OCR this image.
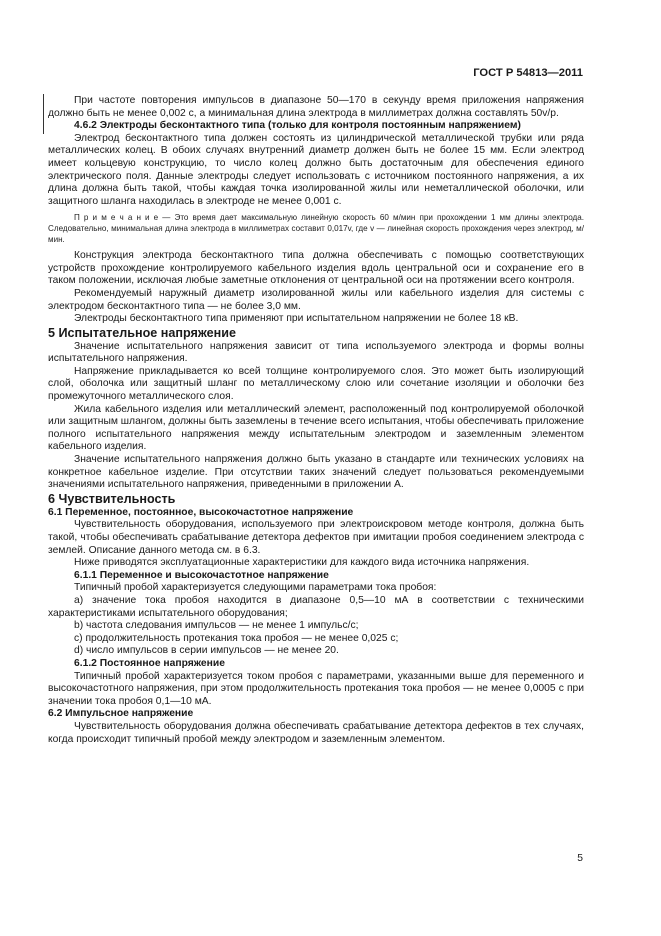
ГОСТ Р 54813—2011

При частоте повторения импульсов в диапазоне 50—170 в секунду время приложения напряжения должно быть не менее 0,002 с, а минимальная длина электрода в миллиметрах должна составлять 50v/p.

4.6.2 Электроды бесконтактного типа (только для контроля постоянным напряжением)

Электрод бесконтактного типа должен состоять из цилиндрической металлической трубки или ряда металлических колец. В обоих случаях внутренний диаметр должен быть не более 15 мм. Если электрод имеет кольцевую конструкцию, то число колец должно быть достаточным для обеспечения единого электрического поля. Данные электроды следует использовать с источником постоянного напряжения, а их длина должна быть такой, чтобы каждая точка изолированной жилы или неметаллической оболочки, или защитного шланга находилась в электроде не менее 0,001 с.

П р и м е ч а н и е — Это время дает максимальную линейную скорость 60 м/мин при прохождении 1 мм длины электрода. Следовательно, минимальная длина электрода в миллиметрах составит 0,017v, где v — линейная скорость прохождения через электрод, м/мин.

Конструкция электрода бесконтактного типа должна обеспечивать с помощью соответствующих устройств прохождение контролируемого кабельного изделия вдоль центральной оси и сохранение его в таком положении, исключая любые заметные отклонения от центральной оси на протяжении всего контроля.

Рекомендуемый наружный диаметр изолированной жилы или кабельного изделия для системы с электродом бесконтактного типа — не более 3,0 мм.

Электроды бесконтактного типа применяют при испытательном напряжении не более 18 кВ.

5 Испытательное напряжение

Значение испытательного напряжения зависит от типа используемого электрода и формы волны испытательного напряжения.

Напряжение прикладывается ко всей толщине контролируемого слоя. Это может быть изолирующий слой, оболочка или защитный шланг по металлическому слою или сочетание изоляции и оболочки без промежуточного металлического слоя.

Жила кабельного изделия или металлический элемент, расположенный под контролируемой оболочкой или защитным шлангом, должны быть заземлены в течение всего испытания, чтобы обеспечивать приложение полного испытательного напряжения между испытательным электродом и заземленным элементом кабельного изделия.

Значение испытательного напряжения должно быть указано в стандарте или технических условиях на конкретное кабельное изделие. При отсутствии таких значений следует пользоваться рекомендуемыми значениями испытательного напряжения, приведенными в приложении А.

6 Чувствительность

6.1 Переменное, постоянное, высокочастотное напряжение

Чувствительность оборудования, используемого при электроискровом методе контроля, должна быть такой, чтобы обеспечивать срабатывание детектора дефектов при имитации пробоя соединением электрода с землей. Описание данного метода см. в 6.3.

Ниже приводятся эксплуатационные характеристики для каждого вида источника напряжения.

6.1.1 Переменное и высокочастотное напряжение

Типичный пробой характеризуется следующими параметрами тока пробоя:

a) значение тока пробоя находится в диапазоне 0,5—10 мА в соответствии с техническими характеристиками испытательного оборудования;

b) частота следования импульсов — не менее 1 импульс/с;

c) продолжительность протекания тока пробоя — не менее 0,025 с;

d) число импульсов в серии импульсов — не менее 20.

6.1.2 Постоянное напряжение

Типичный пробой характеризуется током пробоя с параметрами, указанными выше для переменного и высокочастотного напряжения, при этом продолжительность протекания тока пробоя — не менее 0,0005 с при значении тока пробоя 0,1—10 мА.

6.2 Импульсное напряжение

Чувствительность оборудования должна обеспечивать срабатывание детектора дефектов в тех случаях, когда происходит типичный пробой между электродом и заземленным элементом.

5
